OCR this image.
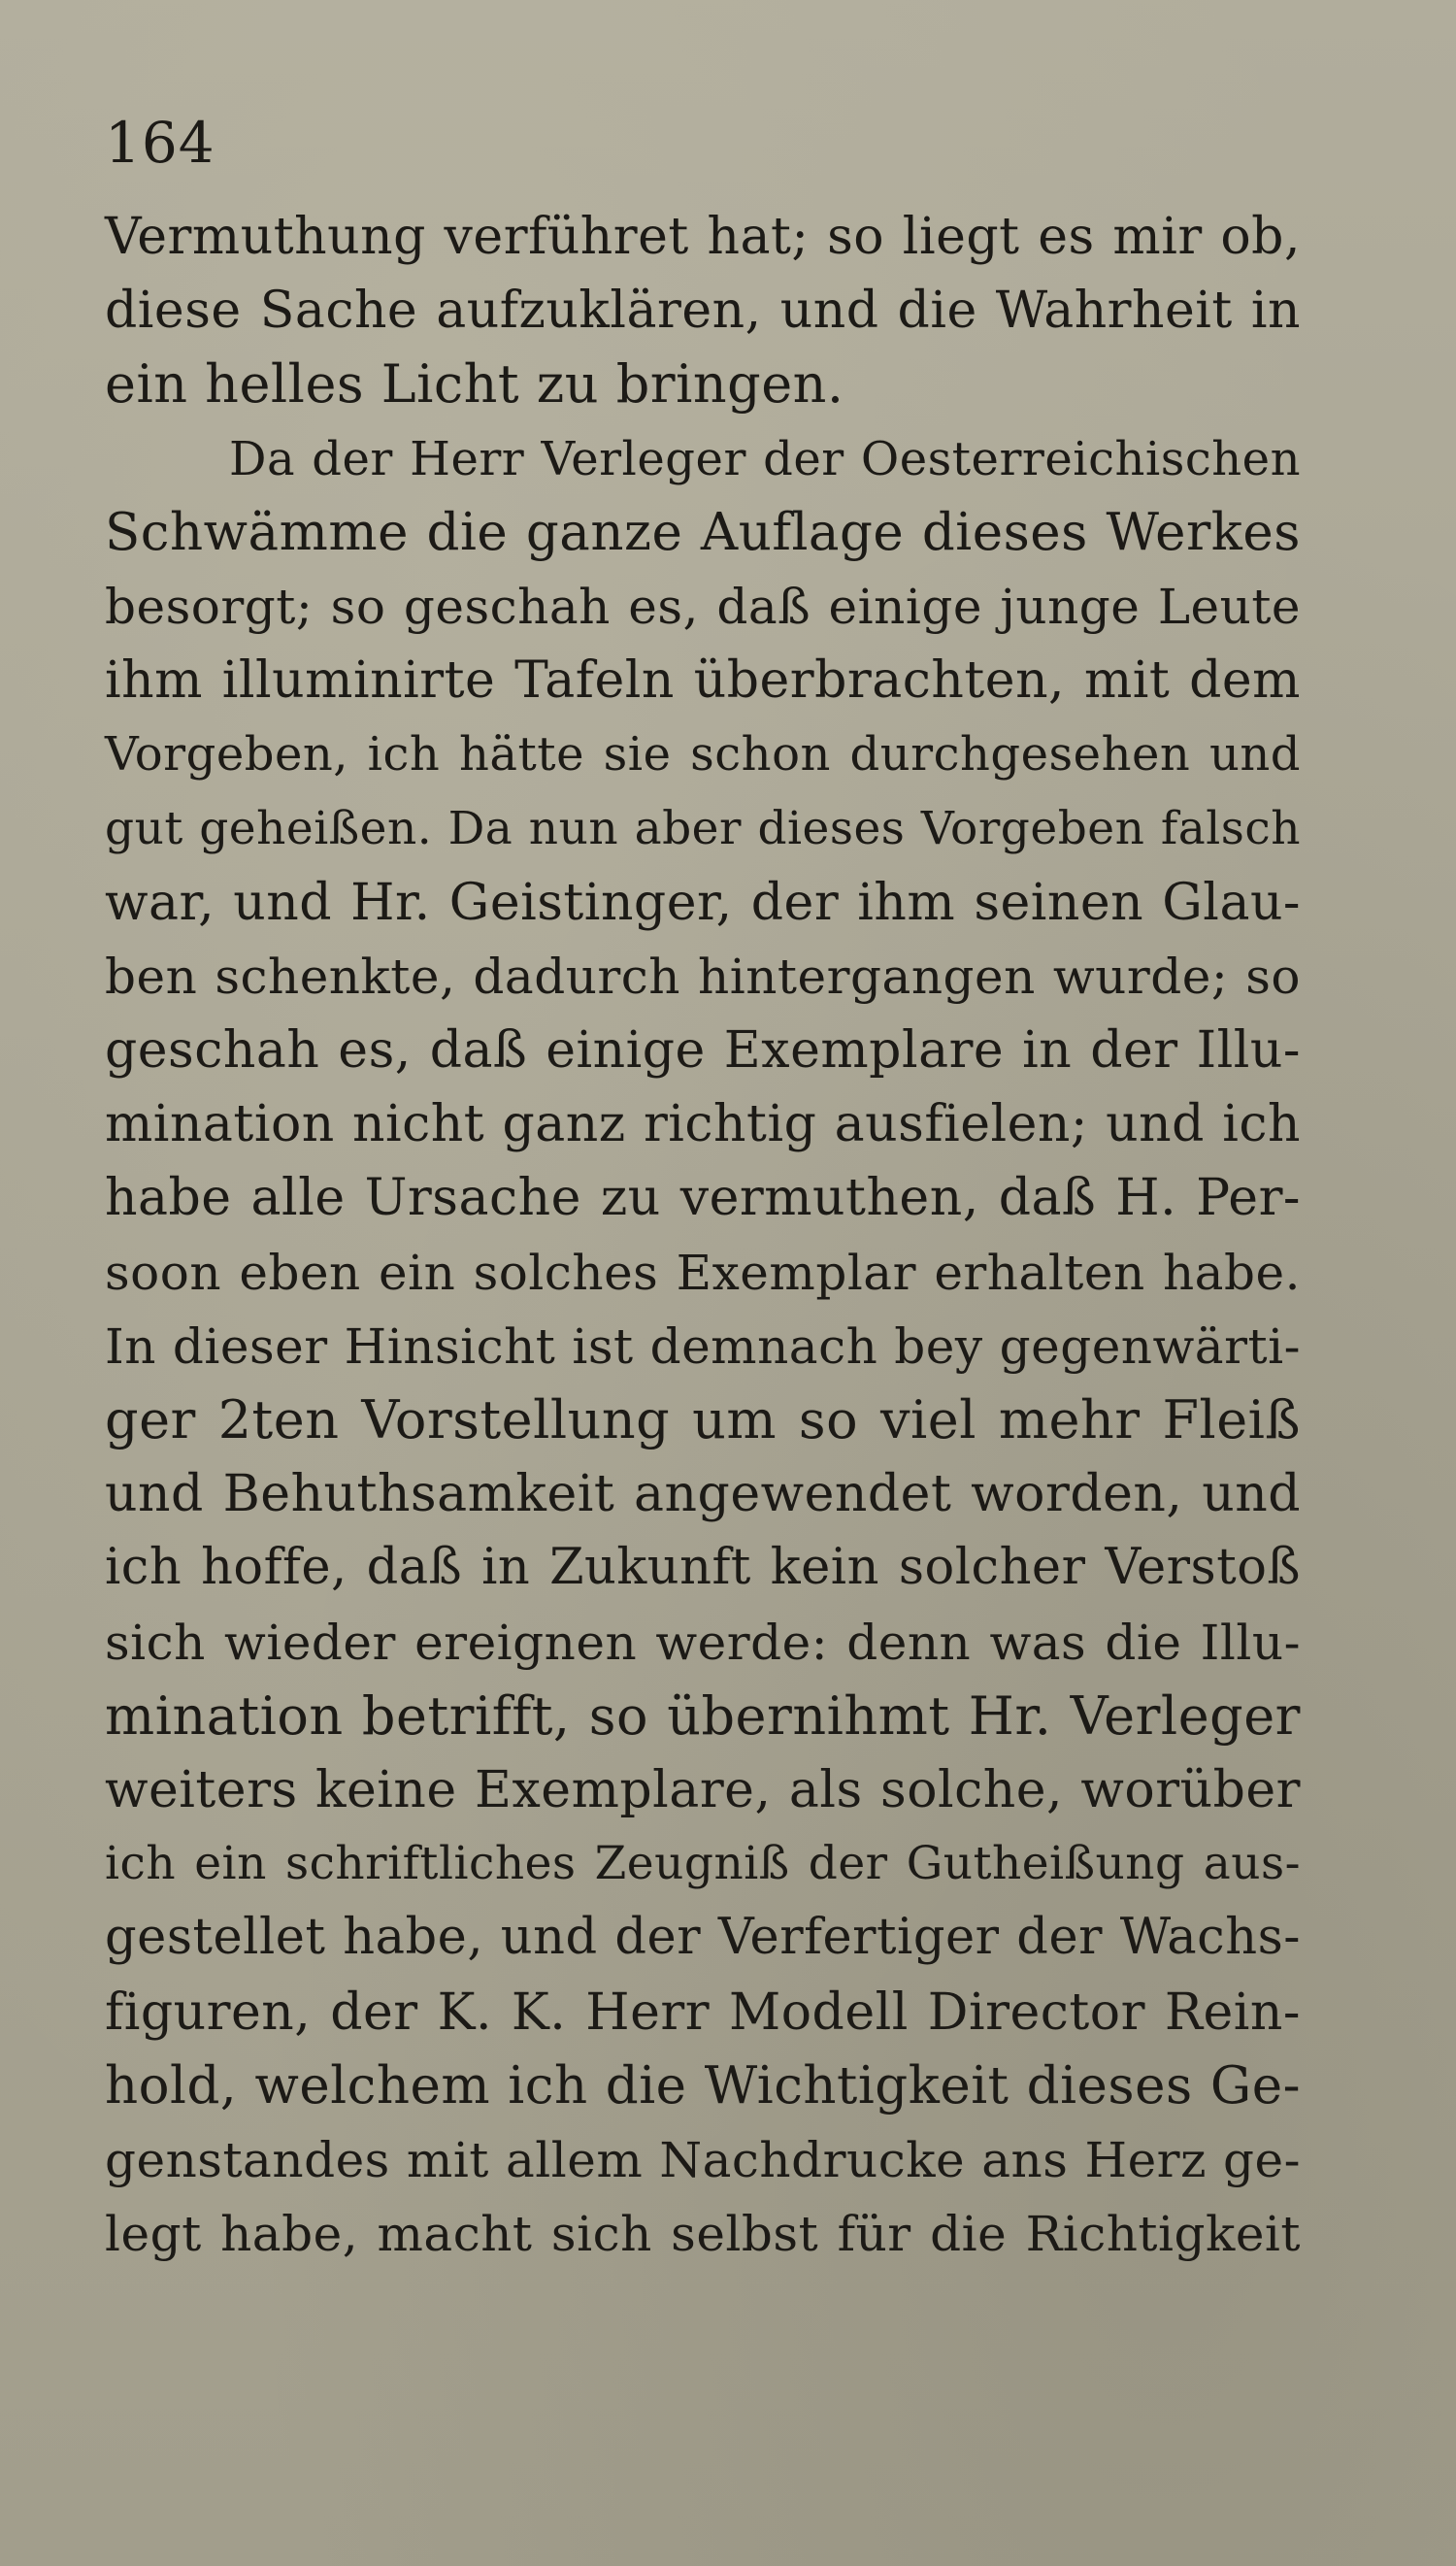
164
Vermuthung verführet hat; so liegt es mir ob,
diese Sache aufzuklären, und die Wahrheit in
ein helles Licht zu bringen.
Da der Herr Verleger der Oesterreichischen
Schwämme die ganze Auflage dieses Werkes
besorgt; so geschah es, daß einige junge Leute
ihm illuminirte Tafeln überbrachten, mit dem
Vorgeben, ich hätte sie schon durchgesehen und
gut geheißen. Da nun aber dieses Vorgeben falsch
war, und Hr. Geistinger, der ihm seinen Glau-
ben schenkte, dadurch hintergangen wurde; so
geschah es, daß einige Exemplare in der Illu-
mination nicht ganz richtig ausfielen; und ich
habe alle Ursache zu vermuthen, daß H. Per-
soon eben ein solches Exemplar erhalten habe.
In dieser Hinsicht ist demnach bey gegenwärti-
ger 2ten Vorstellung um so viel mehr Fleiß
und Behuthsamkeit angewendet worden, und
ich hoffe, daß in Zukunft kein solcher Verstoß
sich wieder ereignen werde: denn was die Illu-
mination betrifft, so übernihmt Hr. Verleger
weiters keine Exemplare, als solche, worüber
ich ein schriftliches Zeugniß der Gutheißung aus-
gestellet habe, und der Verfertiger der Wachs-
figuren, der K. K. Herr Modell Director Rein-
hold, welchem ich die Wichtigkeit dieses Ge-
genstandes mit allem Nachdrucke ans Herz ge-
legt habe, macht sich selbst für die Richtigkeit
